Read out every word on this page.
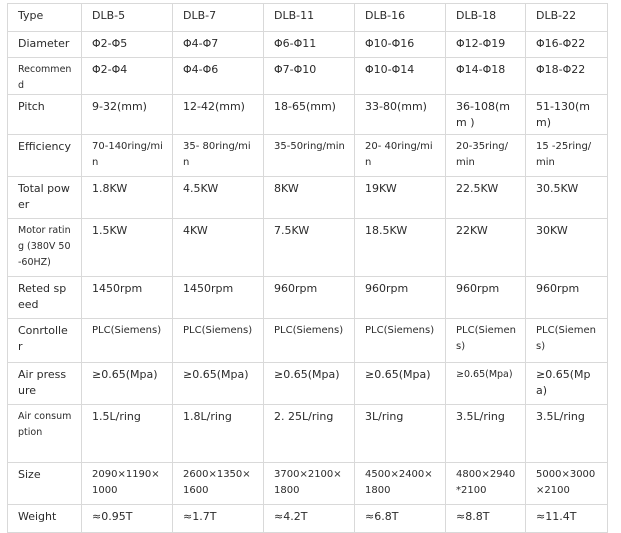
Type	DLB-5	DLB-7	DLB-11	DLB-16	DLB-18	DLB-22
Diameter	Φ2-Φ5	Φ4-Φ7	Φ6-Φ11	Φ10-Φ16	Φ12-Φ19	Φ16-Φ22
Recommend	Φ2-Φ4	Φ4-Φ6	Φ7-Φ10	Φ10-Φ14	Φ14-Φ18	Φ18-Φ22
Pitch	9-32(mm)	12-42(mm)	18-65(mm)	33-80(mm)	36-108(mm )	51-130(mm)
Efficiency	70-140ring/min	35- 80ring/min	35-50ring/min	20- 40ring/min	20-35ring/min	15 -25ring/min
Total power	1.8KW	4.5KW	8KW	19KW	22.5KW	30.5KW
Motor rating (380V 50-60HZ)	1.5KW	4KW	7.5KW	18.5KW	22KW	30KW
Reted speed	1450rpm	1450rpm	960rpm	960rpm	960rpm	960rpm
Conrtoller	PLC(Siemens)	PLC(Siemens)	PLC(Siemens)	PLC(Siemens)	PLC(Siemens)	PLC(Siemens)
Air pressure	≥0.65(Mpa)	≥0.65(Mpa)	≥0.65(Mpa)	≥0.65(Mpa)	≥0.65(Mpa)	≥0.65(Mpa)
Air consumption	1.5L/ring	1.8L/ring	2. 25L/ring	3L/ring	3.5L/ring	3.5L/ring
Size	2090×1190×1000	2600×1350×1600	3700×2100×1800	4500×2400×1800	4800×2940*2100	5000×3000×2100
Weight	≈0.95T	≈1.7T	≈4.2T	≈6.8T	≈8.8T	≈11.4T
